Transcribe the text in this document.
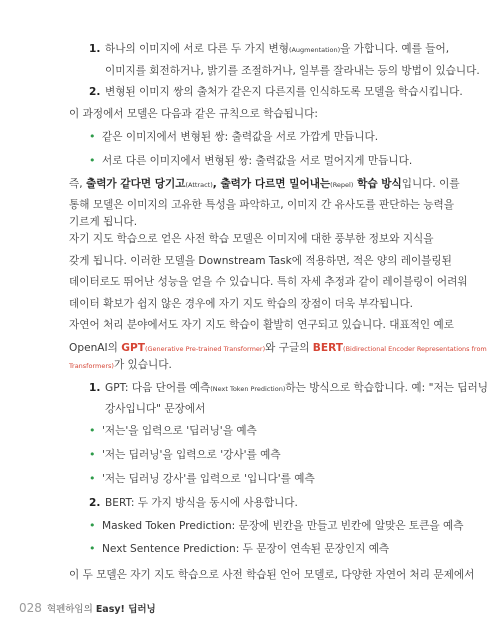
1. 하나의 이미지에 서로 다른 두 가지 변형(Augmentation)을 가합니다. 예를 들어,
이미지를 회전하거나, 밝기를 조절하거나, 일부를 잘라내는 등의 방법이 있습니다.
2. 변형된 이미지 쌍의 출처가 같은지 다른지를 인식하도록 모델을 학습시킵니다.
이 과정에서 모델은 다음과 같은 규칙으로 학습됩니다:
• 같은 이미지에서 변형된 쌍: 출력값을 서로 가깝게 만듭니다.
• 서로 다른 이미지에서 변형된 쌍: 출력값을 서로 멀어지게 만듭니다.
즉, 출력가 같다면 당기고(Attract), 출력가 다르면 밀어내는(Repel) 학습 방식입니다. 이를
통해 모델은 이미지의 고유한 특성을 파악하고, 이미지 간 유사도를 판단하는 능력을
기르게 됩니다.
자기 지도 학습으로 얻은 사전 학습 모델은 이미지에 대한 풍부한 정보와 지식을
갖게 됩니다. 이러한 모델을 Downstream Task에 적용하면, 적은 양의 레이블링된
데이터로도 뛰어난 성능을 얻을 수 있습니다. 특히 자세 추정과 같이 레이블링이 어려워
데이터 확보가 쉽지 않은 경우에 자기 지도 학습의 장점이 더욱 부각됩니다.
자연어 처리 분야에서도 자기 지도 학습이 활발히 연구되고 있습니다. 대표적인 예로
OpenAI의 GPT(Generative Pre-trained Transformer)와 구글의 BERT(Bidirectional Encoder Representations from
Transformers)가 있습니다.
1. GPT: 다음 단어를 예측(Next Token Prediction)하는 방식으로 학습합니다. 예: "저는 딥러닝
강사입니다" 문장에서
• '저는'을 입력으로 '딥러닝'을 예측
• '저는 딥러닝'을 입력으로 '강사'를 예측
• '저는 딥러닝 강사'를 입력으로 '입니다'를 예측
2. BERT: 두 가지 방식을 동시에 사용합니다.
• Masked Token Prediction: 문장에 빈칸을 만들고 빈칸에 알맞은 토큰을 예측
• Next Sentence Prediction: 두 문장이 연속된 문장인지 예측
028 혁펜하임의 Easy! 딥러닝
이 두 모델은 자기 지도 학습으로 사전 학습된 언어 모델로, 다양한 자연어 처리 문제에서
